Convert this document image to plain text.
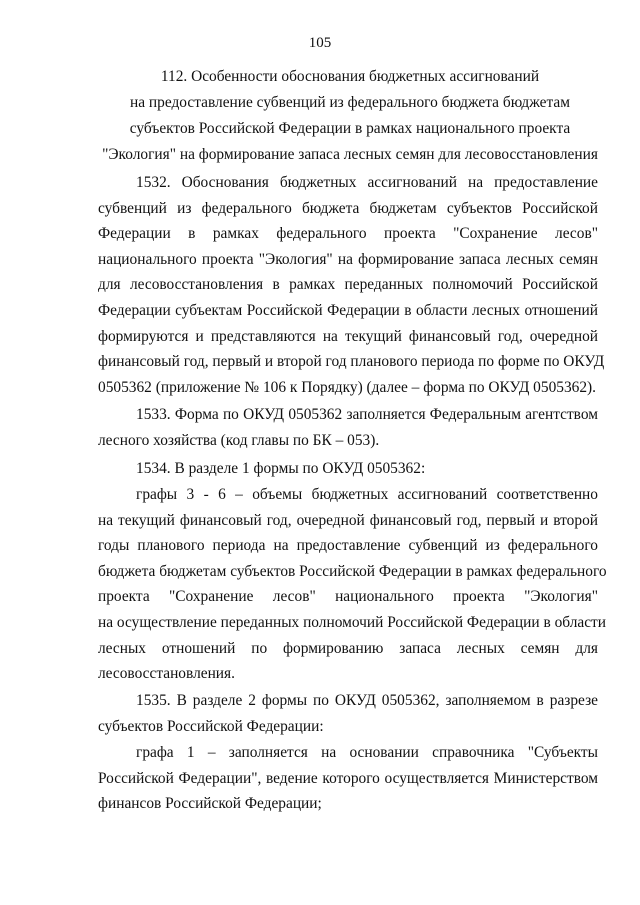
105
112. Особенности обоснования бюджетных ассигнований
на предоставление субвенций из федерального бюджета бюджетам
субъектов Российской Федерации в рамках национального проекта
"Экология" на формирование запаса лесных семян для лесовосстановления
1532. Обоснования бюджетных ассигнований на предоставление
субвенций из федерального бюджета бюджетам субъектов Российской
Федерации в рамках федерального проекта "Сохранение лесов"
национального проекта "Экология" на формирование запаса лесных семян
для лесовосстановления в рамках переданных полномочий Российской
Федерации субъектам Российской Федерации в области лесных отношений
формируются и представляются на текущий финансовый год, очередной
финансовый год, первый и второй год планового периода по форме по ОКУД
0505362 (приложение № 106 к Порядку) (далее – форма по ОКУД 0505362).
1533. Форма по ОКУД 0505362 заполняется Федеральным агентством
лесного хозяйства (код главы по БК – 053).
1534. В разделе 1 формы по ОКУД 0505362:
графы 3 - 6 – объемы бюджетных ассигнований соответственно
на текущий финансовый год, очередной финансовый год, первый и второй
годы планового периода на предоставление субвенций из федерального
бюджета бюджетам субъектов Российской Федерации в рамках федерального
проекта "Сохранение лесов" национального проекта "Экология"
на осуществление переданных полномочий Российской Федерации в области
лесных отношений по формированию запаса лесных семян для
лесовосстановления.
1535. В разделе 2 формы по ОКУД 0505362, заполняемом в разрезе
субъектов Российской Федерации:
графа 1 – заполняется на основании справочника "Субъекты
Российской Федерации", ведение которого осуществляется Министерством
финансов Российской Федерации;
